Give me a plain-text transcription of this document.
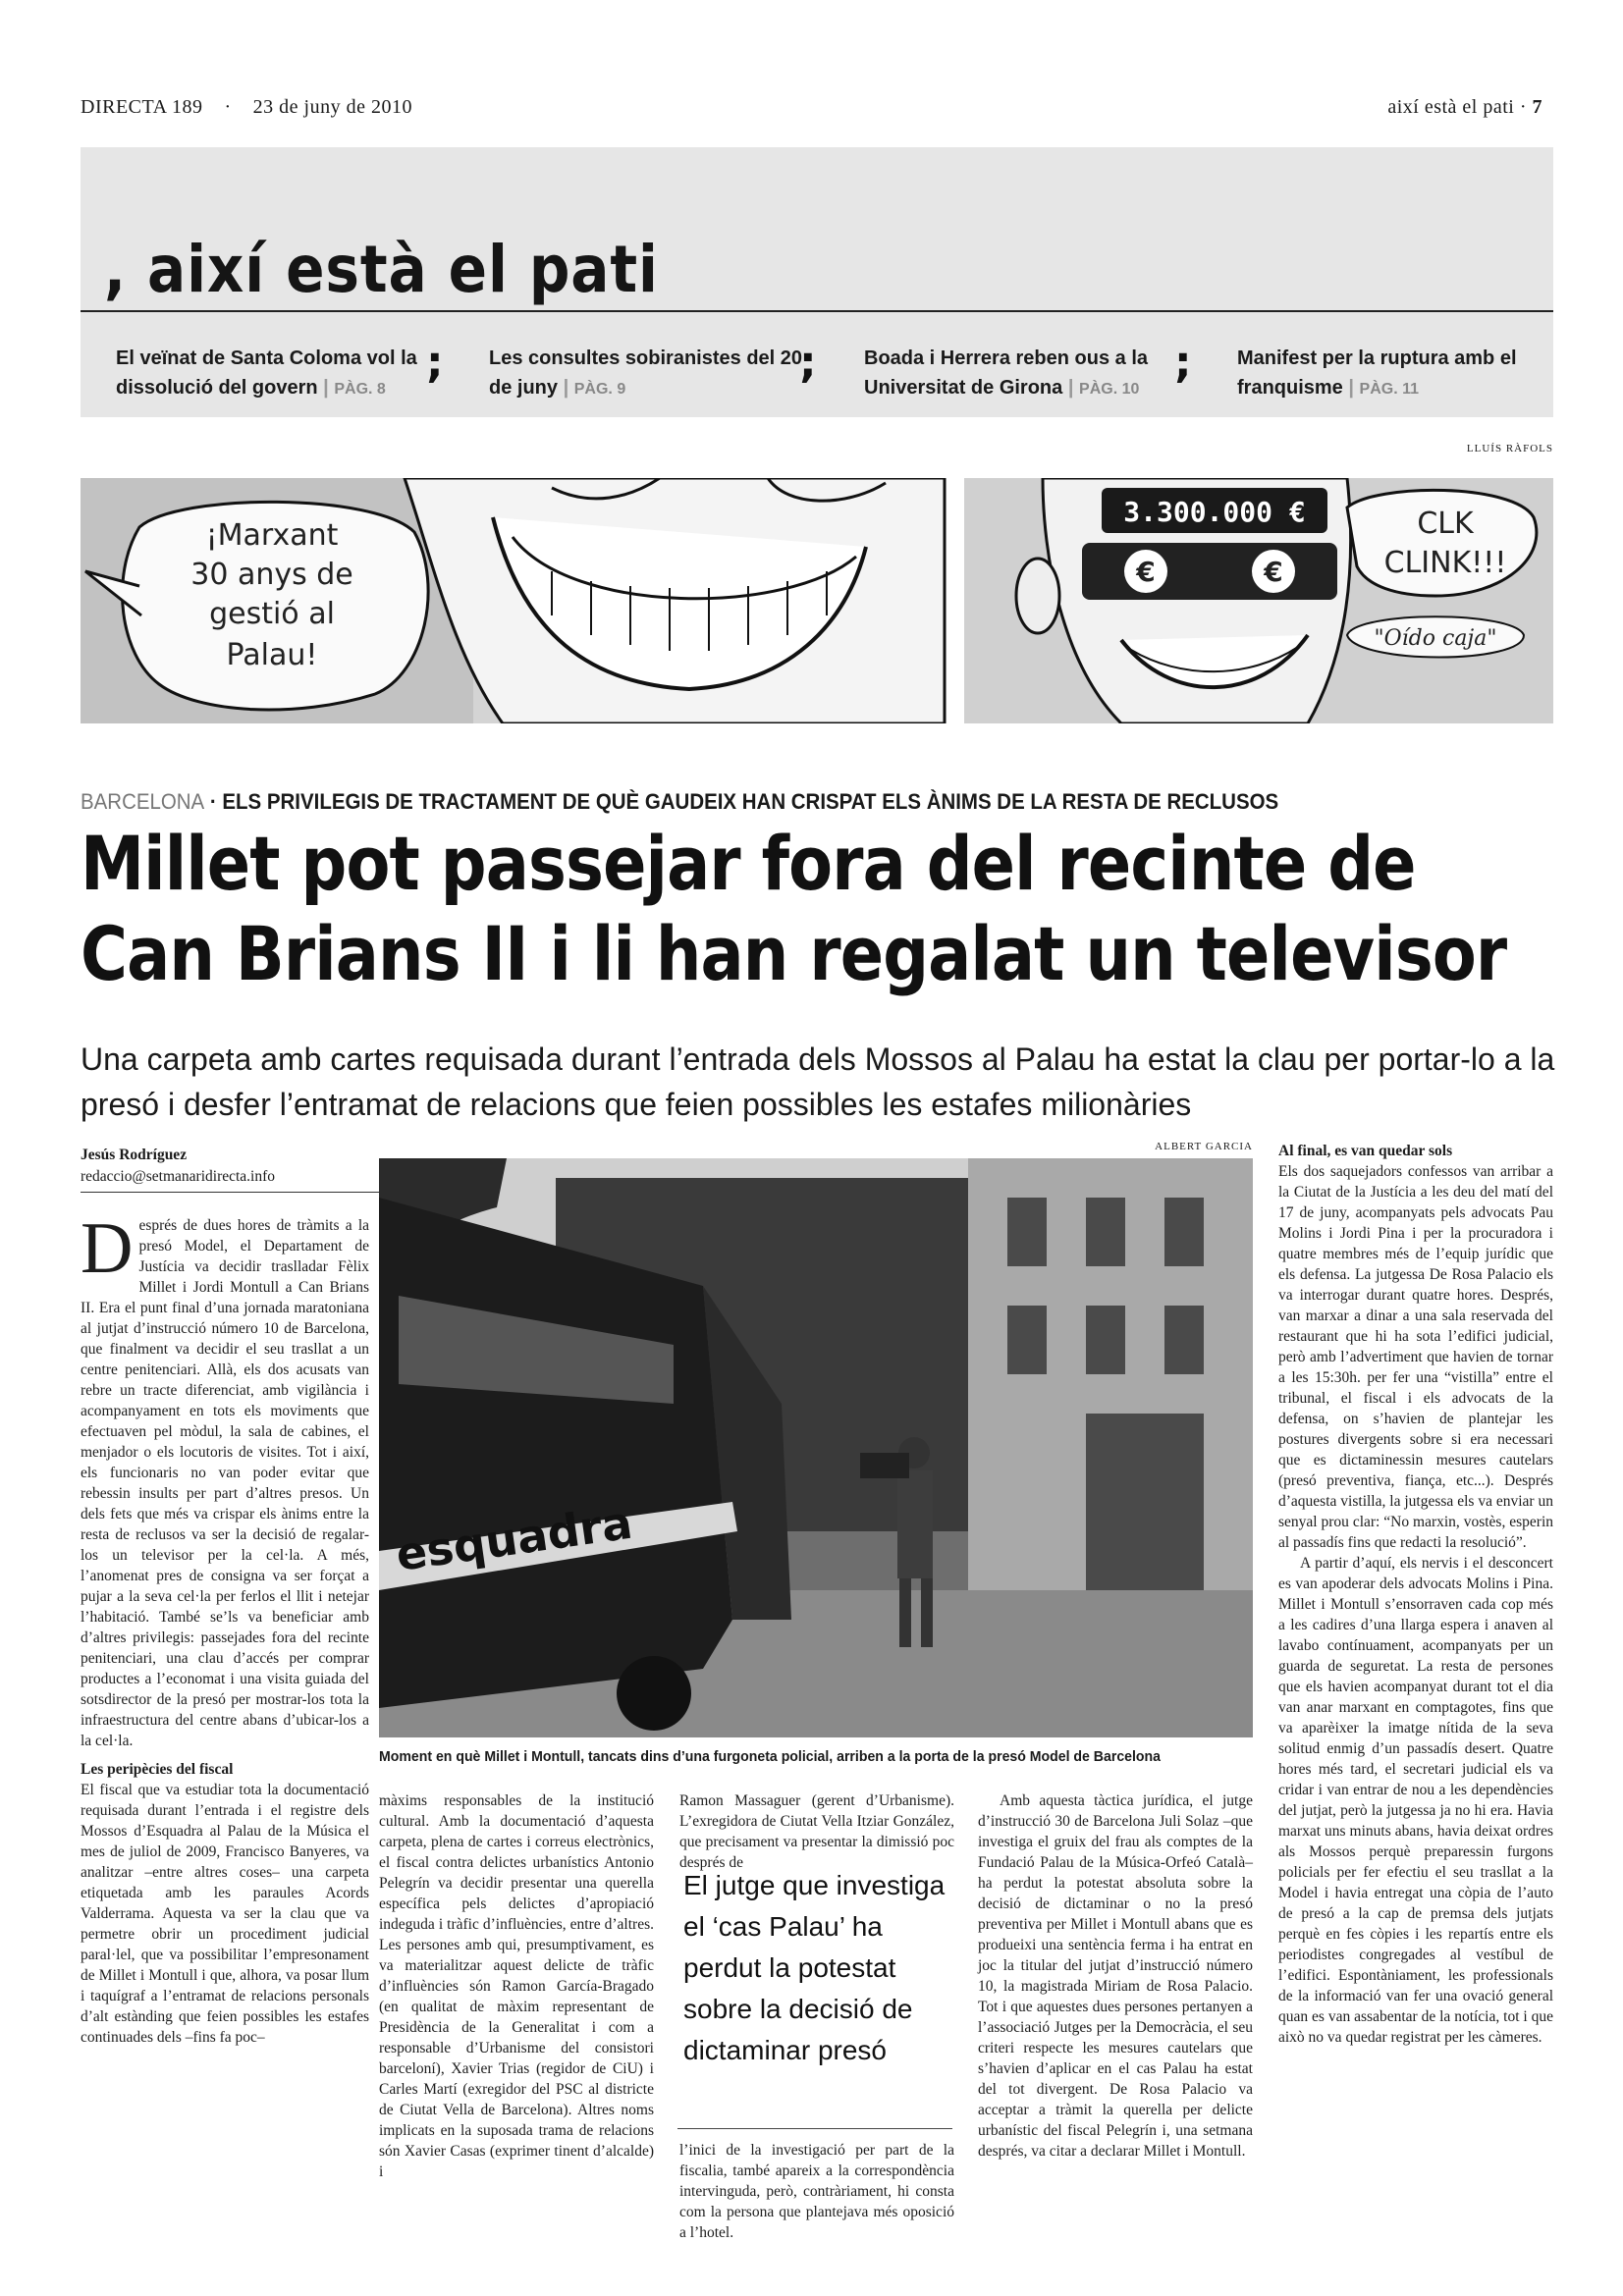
DIRECTA 189 · 23 de juny de 2010	així està el pati · 7
, així està el pati
El veïnat de Santa Coloma vol la dissolució del govern | PÀG. 8
; Les consultes sobiranistes del 20 de juny | PÀG. 9
; Boada i Herrera reben ous a la Universitat de Girona | PÀG. 10
; Manifest per la ruptura amb el franquisme | PÀG. 11
LLUÍS RÀFOLS
¡Marxant
30 anys de
gestió al
Palau!
3.300.000 €
€	€
CLK
CLINK!!!
"Oído caja"
BARCELONA · ELS PRIVILEGIS DE TRACTAMENT DE QUÈ GAUDEIX HAN CRISPAT ELS ÀNIMS DE LA RESTA DE RECLUSOS
Millet pot passejar fora del recinte de
Can Brians II i li han regalat un televisor
Una carpeta amb cartes requisada durant l’entrada dels Mossos al Palau ha estat la clau per portar-lo a la presó i desfer l’entramat de relacions que feien possibles les estafes milionàries
Jesús Rodríguez
redaccio@setmanaridirecta.info

Després de dues hores de tràmits a la presó Model, el Departament de Justícia va decidir traslladar Fèlix Millet i Jordi Montull a Can Brians II. Era el punt final d’una jornada maratoniana al jutjat d’instrucció número 10 de Barcelona, que finalment va decidir el seu trasllat a un centre penitenciari. Allà, els dos acusats van rebre un tracte diferenciat, amb vigilància i acompanyament en tots els moviments que efectuaven pel mòdul, la sala de cabines, el menjador o els locutoris de visites. Tot i així, els funcionaris no van poder evitar que rebessin insults per part d’altres presos. Un dels fets que més va crispar els ànims entre la resta de reclusos va ser la decisió de regalar-los un televisor per la cel·la. A més, l’anomenat pres de consigna va ser forçat a pujar a la seva cel·la per ferlos el llit i netejar l’habitació. També se’ls va beneficiar amb d’altres privilegis: passejades fora del recinte penitenciari, una clau d’accés per comprar productes a l’economat i una visita guiada del sotsdirector de la presó per mostrar-los tota la infraestructura del centre abans d’ubicar-los a la cel·la.

Les peripècies del fiscal

El fiscal que va estudiar tota la documentació requisada durant l’entrada i el registre dels Mossos d’Esquadra al Palau de la Música el mes de juliol de 2009, Francisco Banyeres, va analitzar –entre altres coses– una carpeta etiquetada amb les paraules Acords Valderrama. Aquesta va ser la clau que va permetre obrir un procediment judicial paral·lel, que va possibilitar l’empresonament de Millet i Montull i que, alhora, va posar llum i taquígraf a l’entramat de relacions personals d’alt estànding que feien possibles les estafes continuades dels –fins fa poc–

ALBERT GARCIA
esquadra
Moment en què Millet i Montull, tancats dins d’una furgoneta policial, arriben a la porta de la presó Model de Barcelona

màxims responsables de la institució cultural. Amb la documentació d’aquesta carpeta, plena de cartes i correus electrònics, el fiscal contra delictes urbanístics Antonio Pelegrín va decidir presentar una querella específica pels delictes d’apropiació indeguda i tràfic d’influències, entre d’altres. Les persones amb qui, presumptivament, es va materialitzar aquest delicte de tràfic d’influències són Ramon García-Bragado (en qualitat de màxim representant de Presidència de la Generalitat i com a responsable d’Urbanisme del consistori barceloní), Xavier Trias (regidor de CiU) i Carles Martí (exregidor del PSC al districte de Ciutat Vella de Barcelona). Altres noms implicats en la suposada trama de relacions són Xavier Casas (exprimer tinent d’alcalde) i

Ramon Massaguer (gerent d’Urbanisme). L’exregidora de Ciutat Vella Itziar González, que precisament va presentar la dimissió poc després de

El jutge que investiga el ‘cas Palau’ ha perdut la potestat sobre la decisió de dictaminar presó

l’inici de la investigació per part de la fiscalia, també apareix a la correspondència intervinguda, però, contràriament, hi consta com la persona que plantejava més oposició a l’hotel.

Amb aquesta tàctica jurídica, el jutge d’instrucció 30 de Barcelona Juli Solaz –que investiga el gruix del frau als comptes de la Fundació Palau de la Música-Orfeó Català– ha perdut la potestat absoluta sobre la decisió de dictaminar o no la presó preventiva per Millet i Montull abans que es produeixi una sentència ferma i ha entrat en joc la titular del jutjat d’instrucció número 10, la magistrada Miriam de Rosa Palacio. Tot i que aquestes dues persones pertanyen a l’associació Jutges per la Democràcia, el seu criteri respecte les mesures cautelars que s’havien d’aplicar en el cas Palau ha estat del tot divergent. De Rosa Palacio va acceptar a tràmit la querella per delicte urbanístic del fiscal Pelegrín i, una setmana després, va citar a declarar Millet i Montull.

Al final, es van quedar sols

Els dos saquejadors confessos van arribar a la Ciutat de la Justícia a les deu del matí del 17 de juny, acompanyats pels advocats Pau Molins i Jordi Pina i per la procuradora i quatre membres més de l’equip jurídic que els defensa. La jutgessa De Rosa Palacio els va interrogar durant quatre hores. Després, van marxar a dinar a una sala reservada del restaurant que hi ha sota l’edifici judicial, però amb l’advertiment que havien de tornar a les 15:30h. per fer una “vistilla” entre el tribunal, el fiscal i els advocats de la defensa, on s’havien de plantejar les postures divergents sobre si era necessari que es dictaminessin mesures cautelars (presó preventiva, fiança, etc...). Després d’aquesta vistilla, la jutgessa els va enviar un senyal prou clar: “No marxin, vostès, esperin al passadís fins que redacti la resolució”.

A partir d’aquí, els nervis i el desconcert es van apoderar dels advocats Molins i Pina. Millet i Montull s’ensorraven cada cop més a les cadires d’una llarga espera i anaven al lavabo contínuament, acompanyats per un guarda de seguretat. La resta de persones que els havien acompanyat durant tot el dia van anar marxant en comptagotes, fins que va aparèixer la imatge nítida de la seva solitud enmig d’un passadís desert. Quatre hores més tard, el secretari judicial els va cridar i van entrar de nou a les dependències del jutjat, però la jutgessa ja no hi era. Havia marxat uns minuts abans, havia deixat ordres als Mossos perquè preparessin furgons policials per fer efectiu el seu trasllat a la Model i havia entregat una còpia de l’auto de presó a la cap de premsa dels jutjats perquè en fes còpies i les repartís entre els periodistes congregades al vestíbul de l’edifici. Espontàniament, les professionals de la informació van fer una ovació general quan es van assabentar de la notícia, tot i que això no va quedar registrat per les càmeres.
